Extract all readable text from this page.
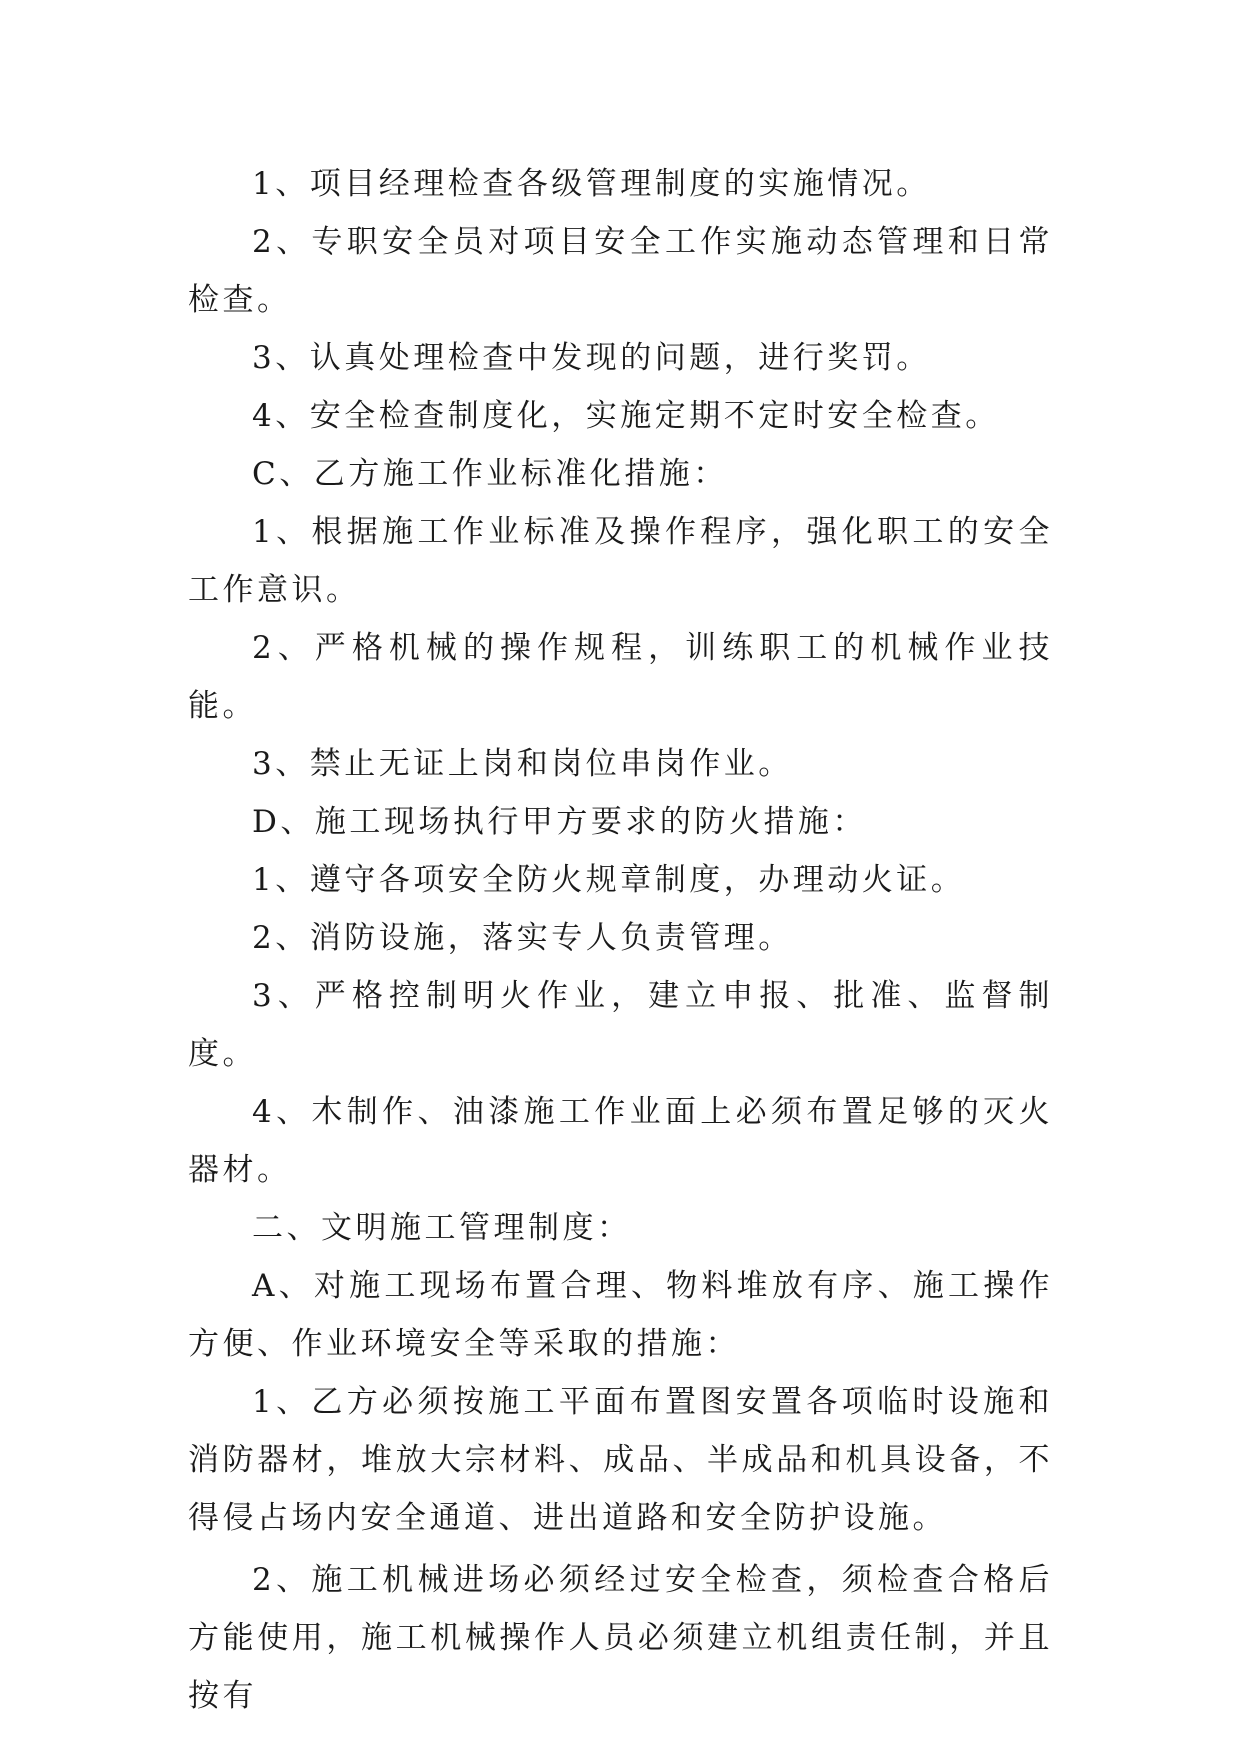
1、项目经理检查各级管理制度的实施情况。

2、专职安全员对项目安全工作实施动态管理和日常检查。

3、认真处理检查中发现的问题，进行奖罚。

4、安全检查制度化，实施定期不定时安全检查。

C、乙方施工作业标准化措施：

1、根据施工作业标准及操作程序，强化职工的安全工作意识。

2、严格机械的操作规程，训练职工的机械作业技能。

3、禁止无证上岗和岗位串岗作业。

D、施工现场执行甲方要求的防火措施：

1、遵守各项安全防火规章制度，办理动火证。

2、消防设施，落实专人负责管理。

3、严格控制明火作业，建立申报、批准、监督制度。

4、木制作、油漆施工作业面上必须布置足够的灭火器材。

二、文明施工管理制度：

A、对施工现场布置合理、物料堆放有序、施工操作方便、作业环境安全等采取的措施：

1、乙方必须按施工平面布置图安置各项临时设施和消防器材，堆放大宗材料、成品、半成品和机具设备，不得侵占场内安全通道、进出道路和安全防护设施。

2、施工机械进场必须经过安全检查，须检查合格后方能使用，施工机械操作人员必须建立机组责任制，并且按有
